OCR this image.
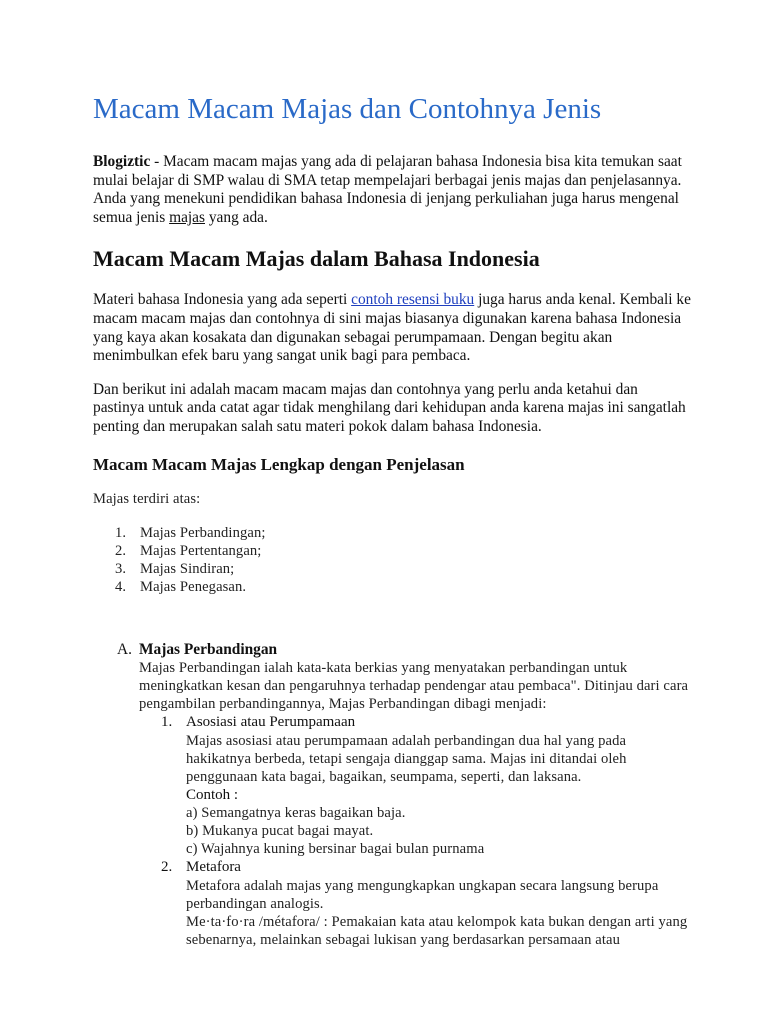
Macam Macam Majas dan Contohnya Jenis

Blogiztic - Macam macam majas yang ada di pelajaran bahasa Indonesia bisa kita temukan saat mulai belajar di SMP walau di SMA tetap mempelajari berbagai jenis majas dan penjelasannya. Anda yang menekuni pendidikan bahasa Indonesia di jenjang perkuliahan juga harus mengenal semua jenis majas yang ada.

Macam Macam Majas dalam Bahasa Indonesia

Materi bahasa Indonesia yang ada seperti contoh resensi buku juga harus anda kenal. Kembali ke macam macam majas dan contohnya di sini majas biasanya digunakan karena bahasa Indonesia yang kaya akan kosakata dan digunakan sebagai perumpamaan. Dengan begitu akan menimbulkan efek baru yang sangat unik bagi para pembaca.

Dan berikut ini adalah macam macam majas dan contohnya yang perlu anda ketahui dan pastinya untuk anda catat agar tidak menghilang dari kehidupan anda karena majas ini sangatlah penting dan merupakan salah satu materi pokok dalam bahasa Indonesia.

Macam Macam Majas Lengkap dengan Penjelasan

Majas terdiri atas:

1. Majas Perbandingan;
2. Majas Pertentangan;
3. Majas Sindiran;
4. Majas Penegasan.
A. Majas Perbandingan
Majas Perbandingan ialah kata-kata berkias yang menyatakan perbandingan untuk meningkatkan kesan dan pengaruhnya terhadap pendengar atau pembaca". Ditinjau dari cara pengambilan perbandingannya, Majas Perbandingan dibagi menjadi:
1. Asosiasi atau Perumpamaan
Majas asosiasi atau perumpamaan adalah perbandingan dua hal yang pada hakikatnya berbeda, tetapi sengaja dianggap sama. Majas ini ditandai oleh penggunaan kata bagai, bagaikan, seumpama, seperti, dan laksana.
Contoh :
a) Semangatnya keras bagaikan baja.
b) Mukanya pucat bagai mayat.
c) Wajahnya kuning bersinar bagai bulan purnama
2. Metafora
Metafora adalah majas yang mengungkapkan ungkapan secara langsung berupa perbandingan analogis.
Me·ta·fo·ra /métafora/ : Pemakaian kata atau kelompok kata bukan dengan arti yang sebenarnya, melainkan sebagai lukisan yang berdasarkan persamaan atau
